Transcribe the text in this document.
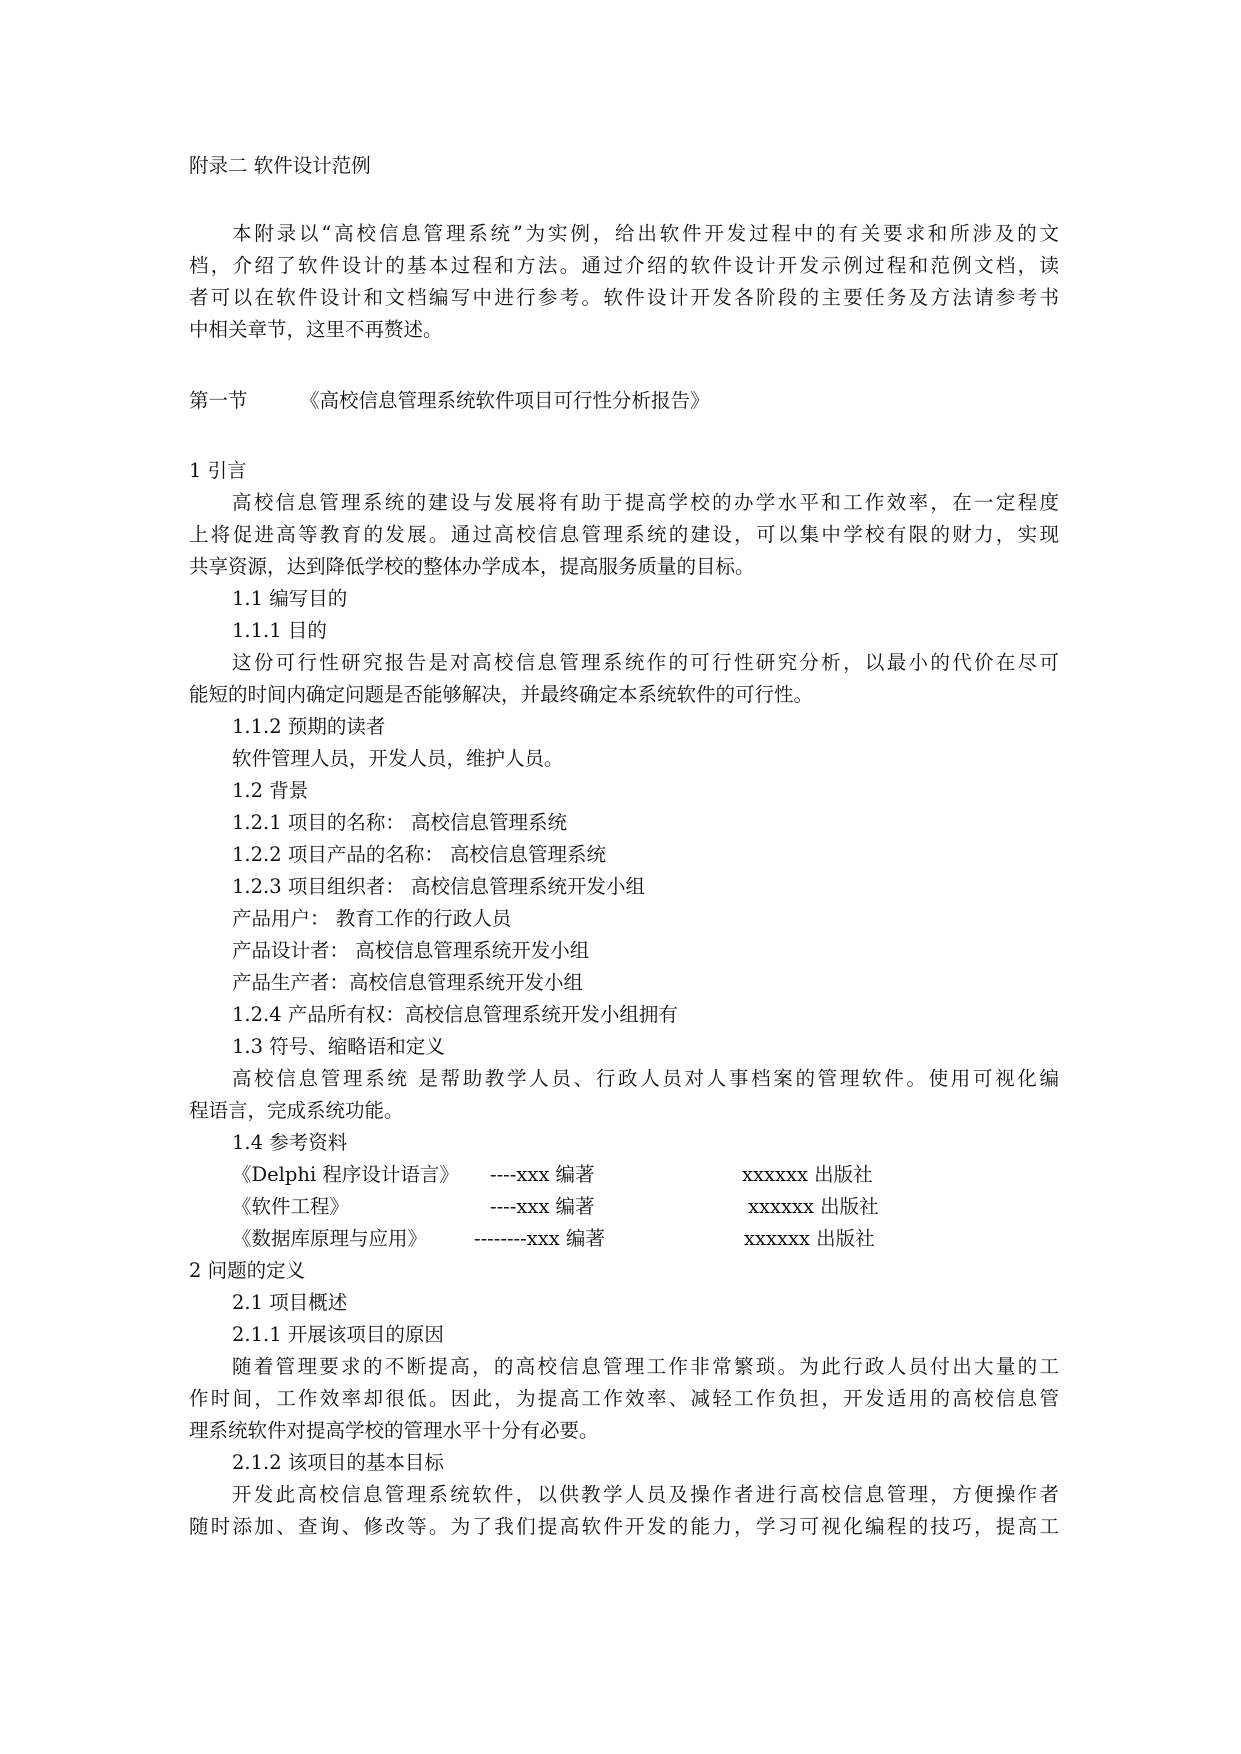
附录二 软件设计范例
本附录以“高校信息管理系统”为实例，给出软件开发过程中的有关要求和所涉及的文
档，介绍了软件设计的基本过程和方法。通过介绍的软件设计开发示例过程和范例文档，读
者可以在软件设计和文档编写中进行参考。软件设计开发各阶段的主要任务及方法请参考书
中相关章节，这里不再赘述。
第一节	《高校信息管理系统软件项目可行性分析报告》
1 引言
高校信息管理系统的建设与发展将有助于提高学校的办学水平和工作效率，在一定程度
上将促进高等教育的发展。通过高校信息管理系统的建设，可以集中学校有限的财力，实现
共享资源，达到降低学校的整体办学成本，提高服务质量的目标。
1.1 编写目的
1.1.1 目的
这份可行性研究报告是对高校信息管理系统作的可行性研究分析，以最小的代价在尽可
能短的时间内确定问题是否能够解决，并最终确定本系统软件的可行性。
1.1.2 预期的读者
软件管理人员，开发人员，维护人员。
1.2 背景
1.2.1 项目的名称： 高校信息管理系统
1.2.2 项目产品的名称： 高校信息管理系统
1.2.3 项目组织者： 高校信息管理系统开发小组
产品用户： 教育工作的行政人员
产品设计者： 高校信息管理系统开发小组
产品生产者：高校信息管理系统开发小组
1.2.4 产品所有权：高校信息管理系统开发小组拥有
1.3 符号、缩略语和定义
高校信息管理系统 是帮助教学人员、行政人员对人事档案的管理软件。使用可视化编
程语言，完成系统功能。
1.4 参考资料
《Delphi 程序设计语言》 ----xxx 编著	xxxxxx 出版社
《软件工程》	----xxx 编著	xxxxxx 出版社
《数据库原理与应用》 --------xxx 编著	xxxxxx 出版社
2 问题的定义
2.1 项目概述
2.1.1 开展该项目的原因
随着管理要求的不断提高，的高校信息管理工作非常繁琐。为此行政人员付出大量的工
作时间，工作效率却很低。因此，为提高工作效率、减轻工作负担，开发适用的高校信息管
理系统软件对提高学校的管理水平十分有必要。
2.1.2 该项目的基本目标
开发此高校信息管理系统软件，以供教学人员及操作者进行高校信息管理，方便操作者
随时添加、查询、修改等。为了我们提高软件开发的能力，学习可视化编程的技巧，提高工
